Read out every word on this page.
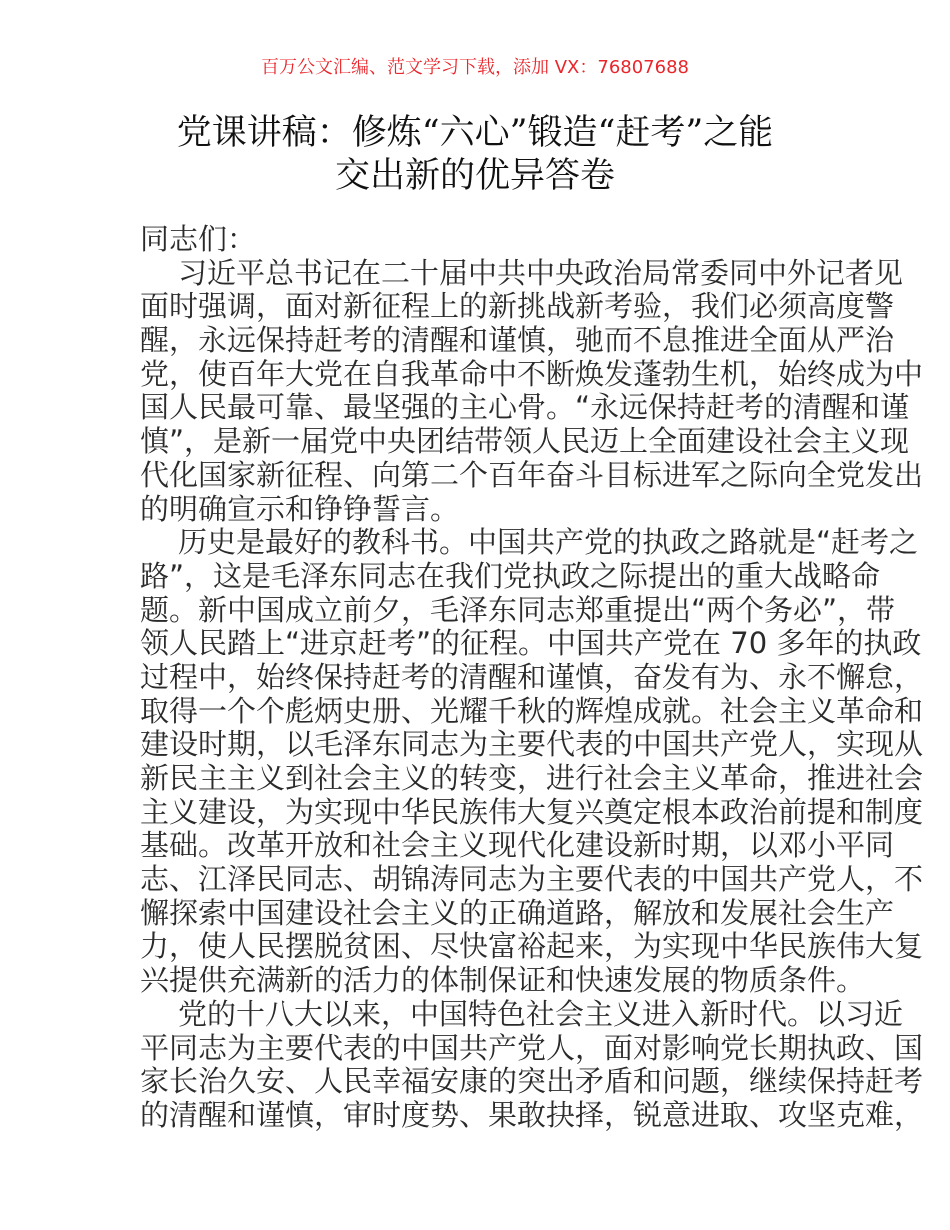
百万公文汇编、范文学习下载，添加 VX：76807688
党课讲稿：修炼“六心”锻造“赶考”之能
交出新的优异答卷
同志们：
习近平总书记在二十届中共中央政治局常委同中外记者见
面时强调，面对新征程上的新挑战新考验，我们必须高度警
醒，永远保持赶考的清醒和谨慎，驰而不息推进全面从严治
党，使百年大党在自我革命中不断焕发蓬勃生机，始终成为中
国人民最可靠、最坚强的主心骨。“永远保持赶考的清醒和谨
慎”，是新一届党中央团结带领人民迈上全面建设社会主义现
代化国家新征程、向第二个百年奋斗目标进军之际向全党发出
的明确宣示和铮铮誓言。
历史是最好的教科书。中国共产党的执政之路就是“赶考之
路”，这是毛泽东同志在我们党执政之际提出的重大战略命
题。新中国成立前夕，毛泽东同志郑重提出“两个务必”，带
领人民踏上“进京赶考”的征程。中国共产党在 70 多年的执政
过程中，始终保持赶考的清醒和谨慎，奋发有为、永不懈怠，
取得一个个彪炳史册、光耀千秋的辉煌成就。社会主义革命和
建设时期，以毛泽东同志为主要代表的中国共产党人，实现从
新民主主义到社会主义的转变，进行社会主义革命，推进社会
主义建设，为实现中华民族伟大复兴奠定根本政治前提和制度
基础。改革开放和社会主义现代化建设新时期，以邓小平同
志、江泽民同志、胡锦涛同志为主要代表的中国共产党人，不
懈探索中国建设社会主义的正确道路，解放和发展社会生产
力，使人民摆脱贫困、尽快富裕起来，为实现中华民族伟大复
兴提供充满新的活力的体制保证和快速发展的物质条件。
党的十八大以来，中国特色社会主义进入新时代。以习近
平同志为主要代表的中国共产党人，面对影响党长期执政、国
家长治久安、人民幸福安康的突出矛盾和问题，继续保持赶考
的清醒和谨慎，审时度势、果敢抉择，锐意进取、攻坚克难，
